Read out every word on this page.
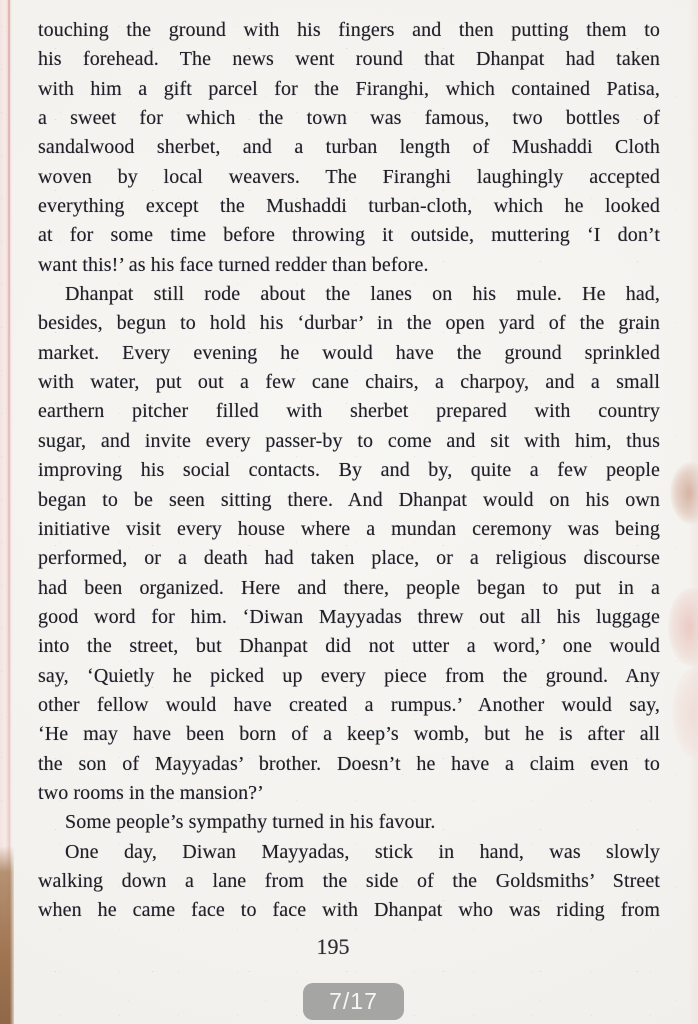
touching the ground with his fingers and then putting them to
his forehead. The news went round that Dhanpat had taken
with him a gift parcel for the Firanghi, which contained Patisa,
a sweet for which the town was famous, two bottles of
sandalwood sherbet, and a turban length of Mushaddi Cloth
woven by local weavers. The Firanghi laughingly accepted
everything except the Mushaddi turban-cloth, which he looked
at for some time before throwing it outside, muttering ‘I don’t
want this!’ as his face turned redder than before.
Dhanpat still rode about the lanes on his mule. He had,
besides, begun to hold his ‘durbar’ in the open yard of the grain
market. Every evening he would have the ground sprinkled
with water, put out a few cane chairs, a charpoy, and a small
earthern pitcher filled with sherbet prepared with country
sugar, and invite every passer-by to come and sit with him, thus
improving his social contacts. By and by, quite a few people
began to be seen sitting there. And Dhanpat would on his own
initiative visit every house where a mundan ceremony was being
performed, or a death had taken place, or a religious discourse
had been organized. Here and there, people began to put in a
good word for him. ‘Diwan Mayyadas threw out all his luggage
into the street, but Dhanpat did not utter a word,’ one would
say, ‘Quietly he picked up every piece from the ground. Any
other fellow would have created a rumpus.’ Another would say,
‘He may have been born of a keep’s womb, but he is after all
the son of Mayyadas’ brother. Doesn’t he have a claim even to
two rooms in the mansion?’
Some people’s sympathy turned in his favour.
One day, Diwan Mayyadas, stick in hand, was slowly
walking down a lane from the side of the Goldsmiths’ Street
when he came face to face with Dhanpat who was riding from
195
7/17
